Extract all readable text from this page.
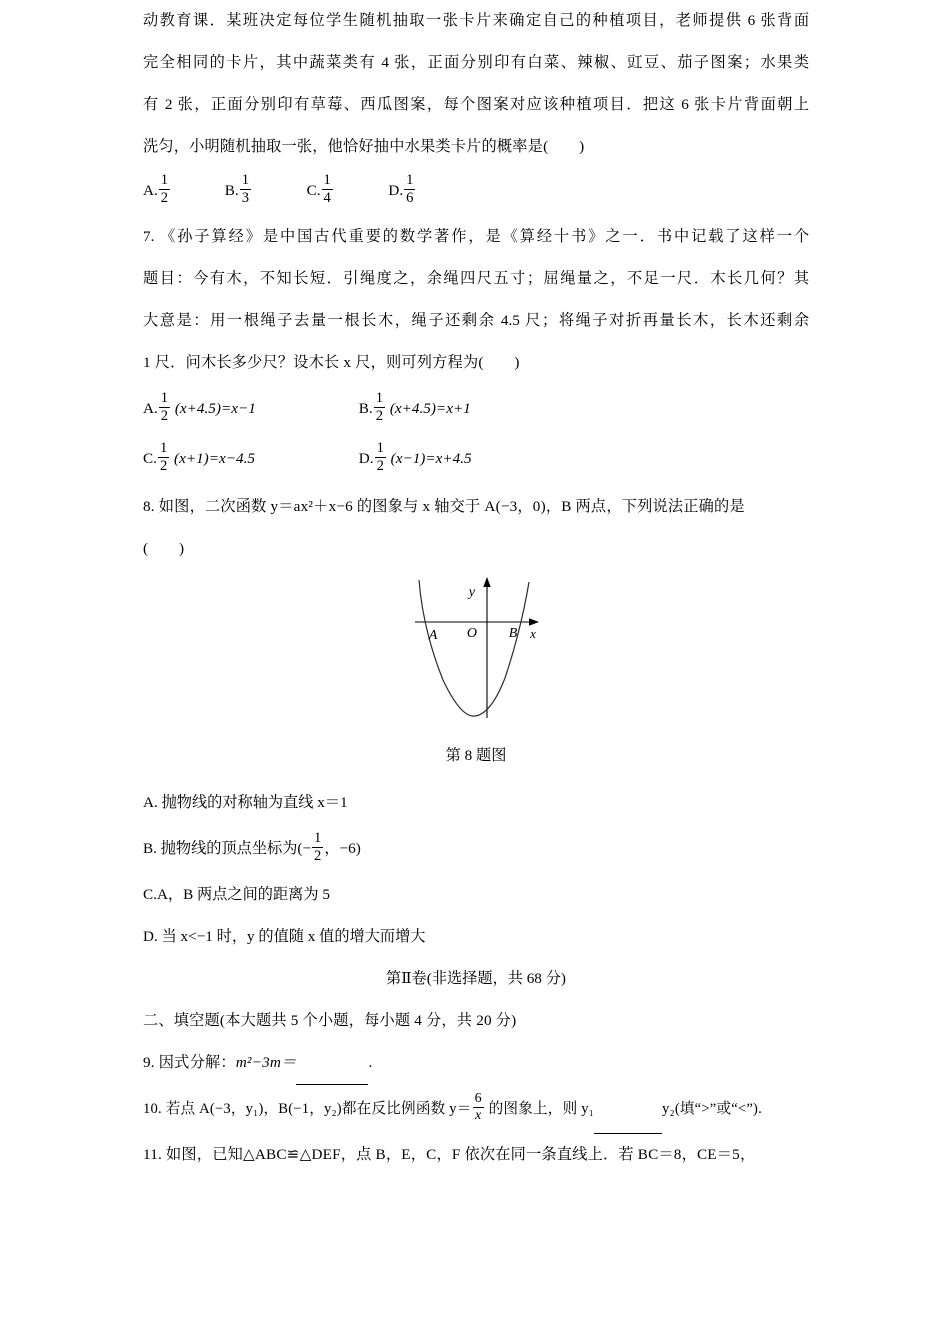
动教育课．某班决定每位学生随机抽取一张卡片来确定自己的种植项目，老师提供 6 张背面
完全相同的卡片，其中蔬菜类有 4 张，正面分别印有白菜、辣椒、豇豆、茄子图案；水果类
有 2 张，正面分别印有草莓、西瓜图案，每个图案对应该种植项目．把这 6 张卡片背面朝上
洗匀，小明随机抽取一张，他恰好抽中水果类卡片的概率是(　　)
A. $\frac{1}{2}$	B. $\frac{1}{3}$	C. $\frac{1}{4}$	D. $\frac{1}{6}$
7. 《孙子算经》是中国古代重要的数学著作，是《算经十书》之一．书中记载了这样一个
题目：今有木，不知长短．引绳度之，余绳四尺五寸；屈绳量之，不足一尺．木长几何？其
大意是：用一根绳子去量一根长木，绳子还剩余 4.5 尺；将绳子对折再量长木，长木还剩余
1 尺．问木长多少尺？设木长 x 尺，则可列方程为(　　)
A. $\frac{1}{2} (x+4.5)=x-1$	B. $\frac{1}{2} (x+4.5)=x+1$
C. $\frac{1}{2} (x+1)=x-4.5$	D. $\frac{1}{2} (x-1)=x+4.5$
8. 如图，二次函数 y＝ax²＋x−6 的图象与 x 轴交于 A(−3，0)，B 两点，下列说法正确的是
(　　)
y
O
A	B x
第 8 题图
A. 抛物线的对称轴为直线 x＝1
B. 抛物线的顶点坐标为(− $\frac{1}{2}$ ，−6)
C.A，B 两点之间的距离为 5
D. 当 x<−1 时，y 的值随 x 值的增大而增大
第Ⅱ卷(非选择题，共 68 分)
二、填空题(本大题共 5 个小题，每小题 4 分，共 20 分)
9. 因式分解：m²−3m＝	.
10. 若点 A(−3，y₁)，B(−1，y₂)都在反比例函数 $y= \frac{6}{x}$ 的图象上，则 y₁	y₂(填“>”或“<”).
11. 如图，已知△ABC≌△DEF，点 B，E，C，F 依次在同一条直线上．若 BC＝8，CE＝5，
